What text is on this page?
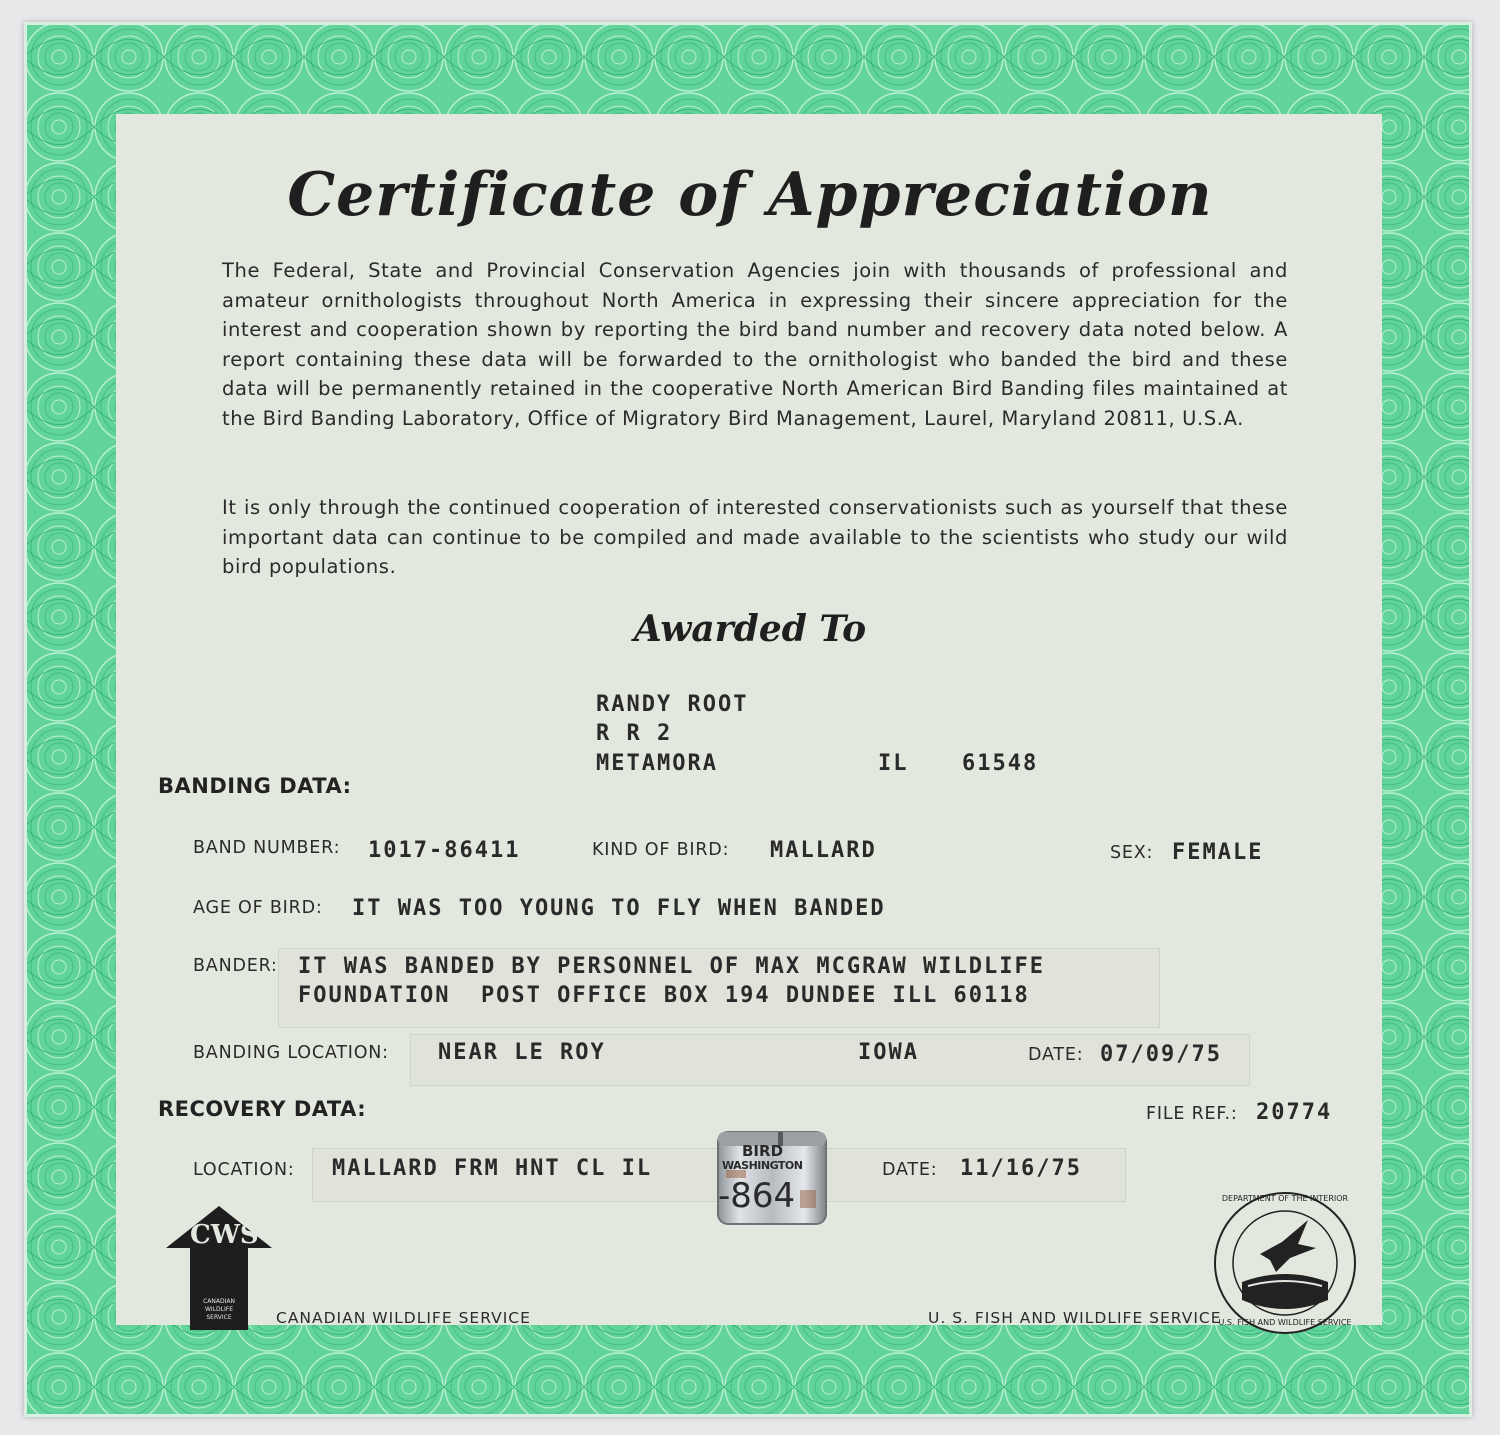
Certificate of Appreciation
The Federal, State and Provincial Conservation Agencies join with thousands of professional and amateur ornithologists throughout North America in expressing their sincere appreciation for the interest and cooperation shown by reporting the bird band number and recovery data noted below. A report containing these data will be forwarded to the ornithologist who banded the bird and these data will be permanently retained in the cooperative North American Bird Banding files maintained at the Bird Banding Laboratory, Office of Migratory Bird Management, Laurel, Maryland 20811, U.S.A.
It is only through the continued cooperation of interested conservationists such as yourself that these important data can continue to be compiled and made available to the scientists who study our wild bird populations.
Awarded To
RANDY ROOT
R R 2
METAMORA	IL 61548
BANDING DATA:
BAND NUMBER: 1017-86411	KIND OF BIRD: MALLARD	SEX: FEMALE
AGE OF BIRD: IT WAS TOO YOUNG TO FLY WHEN BANDED
BANDER: IT WAS BANDED BY PERSONNEL OF MAX MCGRAW WILDLIFE
FOUNDATION  POST OFFICE BOX 194 DUNDEE ILL 60118
BANDING LOCATION: NEAR LE ROY	IOWA	DATE: 07/09/75
RECOVERY DATA:	FILE REF.: 20774
LOCATION: MALLARD FRM HNT CL IL	DATE: 11/16/75
BIRD
WASHINGTON
-864
CWS
CANADIAN WILDLIFE SERVICE	CANADIAN WILDLIFE SERVICE
DEPARTMENT OF THE INTERIOR
U.S. FISH AND WILDLIFE SERVICE
U. S. FISH AND WILDLIFE SERVICE
